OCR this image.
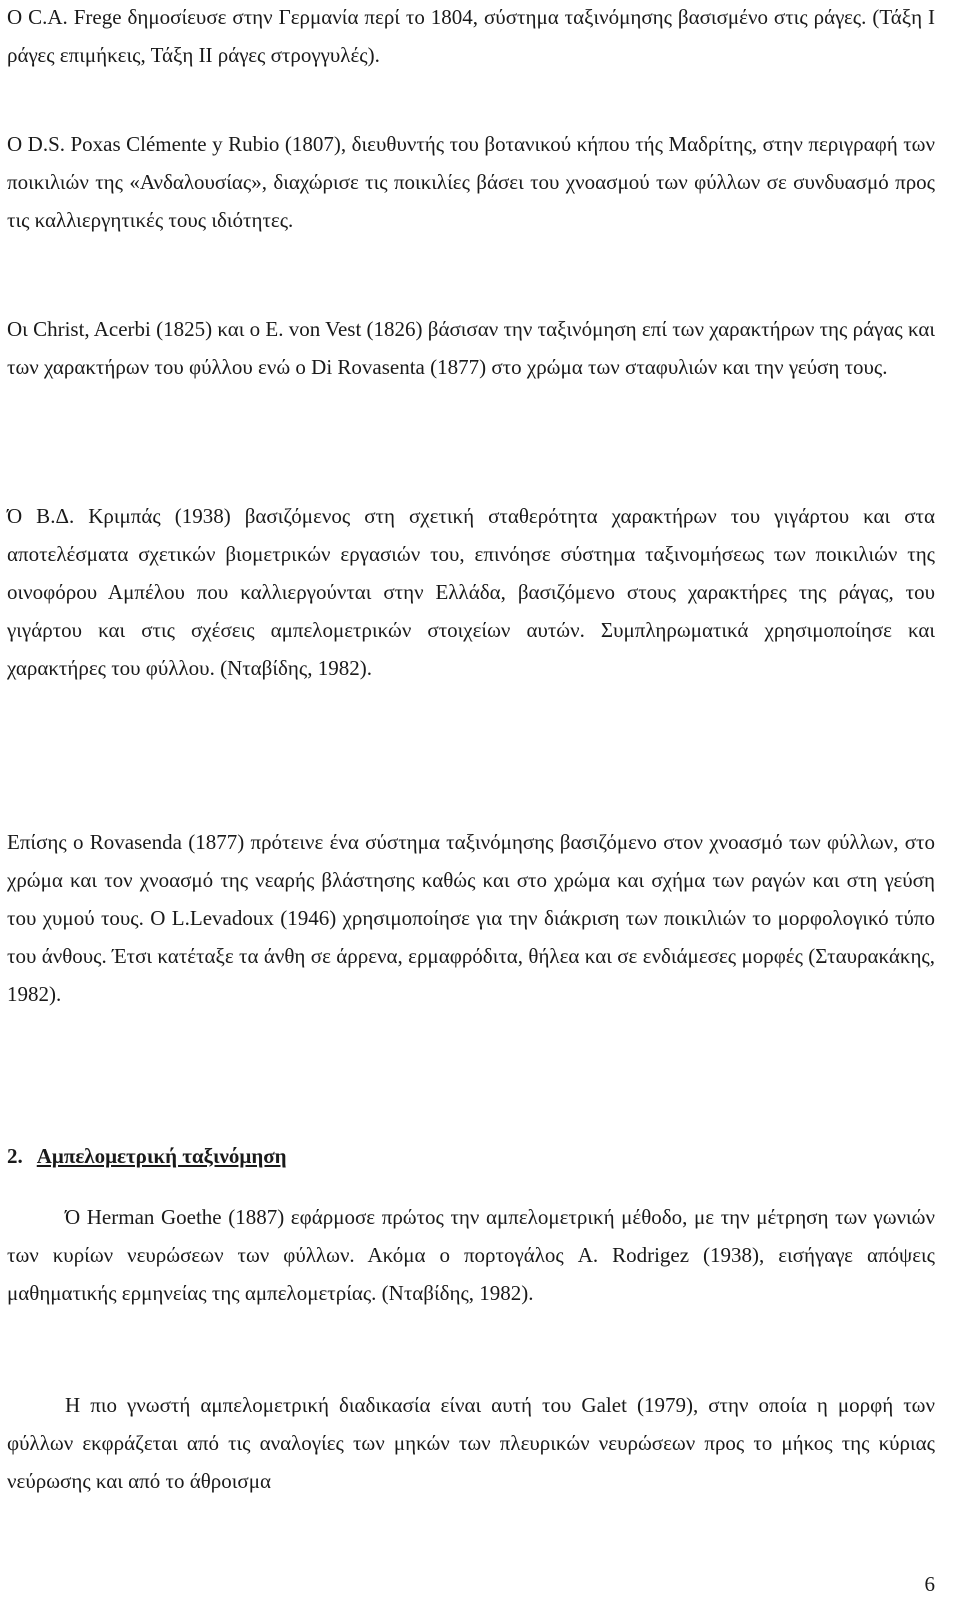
Ο C.A. Frege δημοσίευσε στην Γερμανία περί το 1804, σύστημα ταξινόμησης βασισμένο στις ράγες. (Τάξη Ι ράγες επιμήκεις, Τάξη ΙΙ ράγες στρογγυλές).

Ο D.S. Poxas Clémente y Rubio (1807), διευθυντής του βοτανικού κήπου τής Μαδρίτης, στην περιγραφή των ποικιλιών της «Ανδαλουσίας», διαχώρισε τις ποικιλίες βάσει του χνοασμού των φύλλων σε συνδυασμό προς τις καλλιεργητικές τους ιδιότητες.

Οι Christ, Acerbi (1825) και ο E. von Vest (1826) βάσισαν την ταξινόμηση επί των χαρακτήρων της ράγας και των χαρακτήρων του φύλλου ενώ ο Di Rovasenta (1877) στο χρώμα των σταφυλιών και την γεύση τους.

Ό Β.Δ. Κριμπάς (1938) βασιζόμενος στη σχετική σταθερότητα χαρακτήρων του γιγάρτου και στα αποτελέσματα σχετικών βιομετρικών εργασιών του, επινόησε σύστημα ταξινομήσεως των ποικιλιών της οινοφόρου Αμπέλου που καλλιεργούνται στην Ελλάδα, βασιζόμενο στους χαρακτήρες της ράγας, του γιγάρτου και στις σχέσεις αμπελομετρικών στοιχείων αυτών. Συμπληρωματικά χρησιμοποίησε και χαρακτήρες του φύλλου. (Νταβίδης, 1982).

Επίσης ο Rovasenda (1877) πρότεινε ένα σύστημα ταξινόμησης βασιζόμενο στον χνοασμό των φύλλων, στο χρώμα και τον χνοασμό της νεαρής βλάστησης καθώς και στο χρώμα και σχήμα των ραγών και στη γεύση του χυμού τους. Ο L.Levadoux (1946) χρησιμοποίησε για την διάκριση των ποικιλιών το μορφολογικό τύπο του άνθους. Έτσι κατέταξε τα άνθη σε άρρενα, ερμαφρόδιτα, θήλεα και σε ενδιάμεσες μορφές (Σταυρακάκης, 1982).

2. Αμπελομετρική ταξινόμηση

Ό Herman Goethe (1887) εφάρμοσε πρώτος την αμπελομετρική μέθοδο, με την μέτρηση των γωνιών των κυρίων νευρώσεων των φύλλων. Ακόμα ο πορτογάλος A. Rodrigez (1938), εισήγαγε απόψεις μαθηματικής ερμηνείας της αμπελομετρίας. (Νταβίδης, 1982).

Η πιο γνωστή αμπελομετρική διαδικασία είναι αυτή του Galet (1979), στην οποία η μορφή των φύλλων εκφράζεται από τις αναλογίες των μηκών των πλευρικών νευρώσεων προς το μήκος της κύριας νεύρωσης και από το άθροισμα

6
